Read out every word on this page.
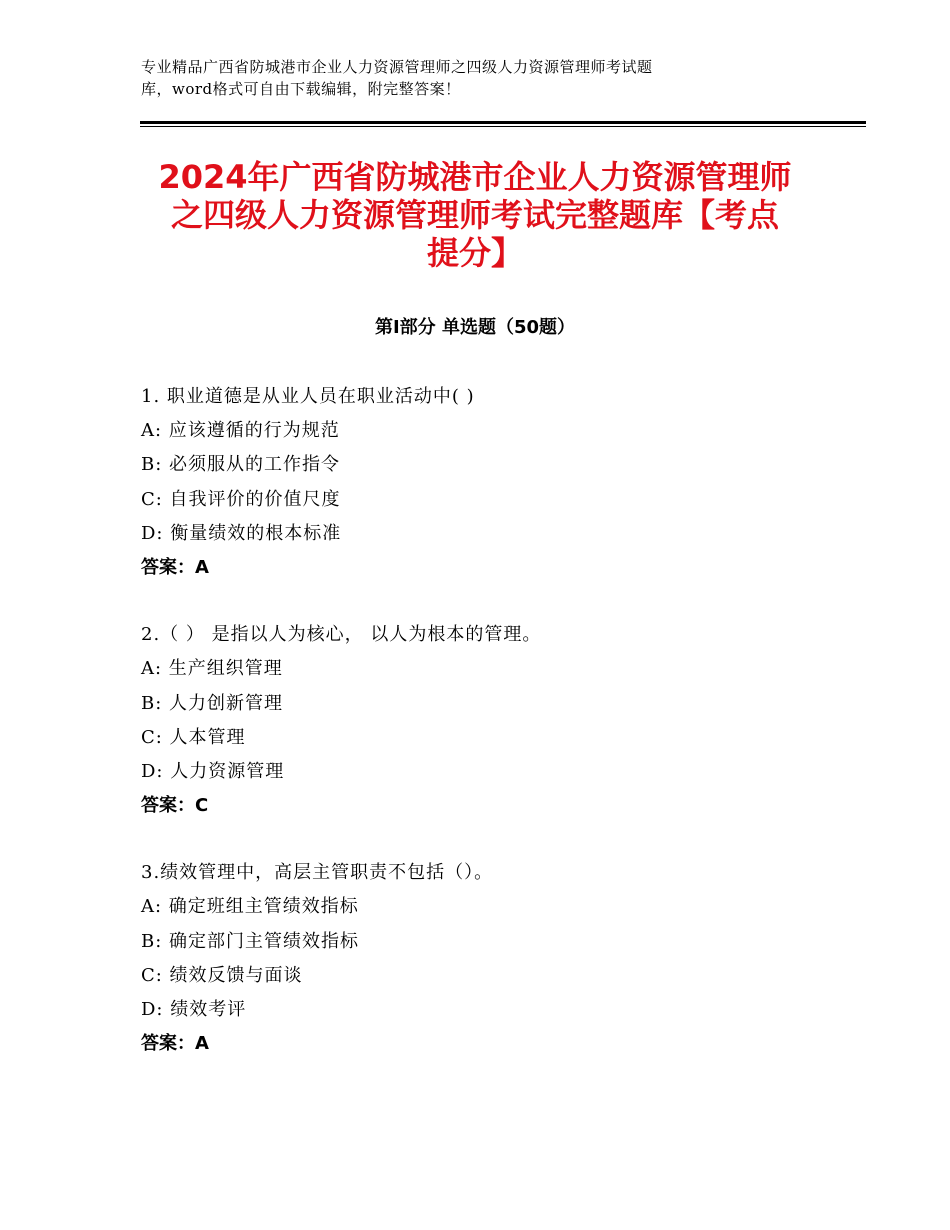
专业精品广西省防城港市企业人力资源管理师之四级人力资源管理师考试题
库，word格式可自由下载编辑，附完整答案！
2024年广西省防城港市企业人力资源管理师
之四级人力资源管理师考试完整题库【考点
提分】
第Ⅰ部分 单选题（50题）
1. 职业道德是从业人员在职业活动中( )
A: 应该遵循的行为规范
B: 必须服从的工作指令
C: 自我评价的价值尺度
D: 衡量绩效的根本标准
答案：A
2.（ ） 是指以人为核心， 以人为根本的管理。
A: 生产组织管理
B: 人力创新管理
C: 人本管理
D: 人力资源管理
答案：C
3.绩效管理中，高层主管职责不包括（）。
A: 确定班组主管绩效指标
B: 确定部门主管绩效指标
C: 绩效反馈与面谈
D: 绩效考评
答案：A
